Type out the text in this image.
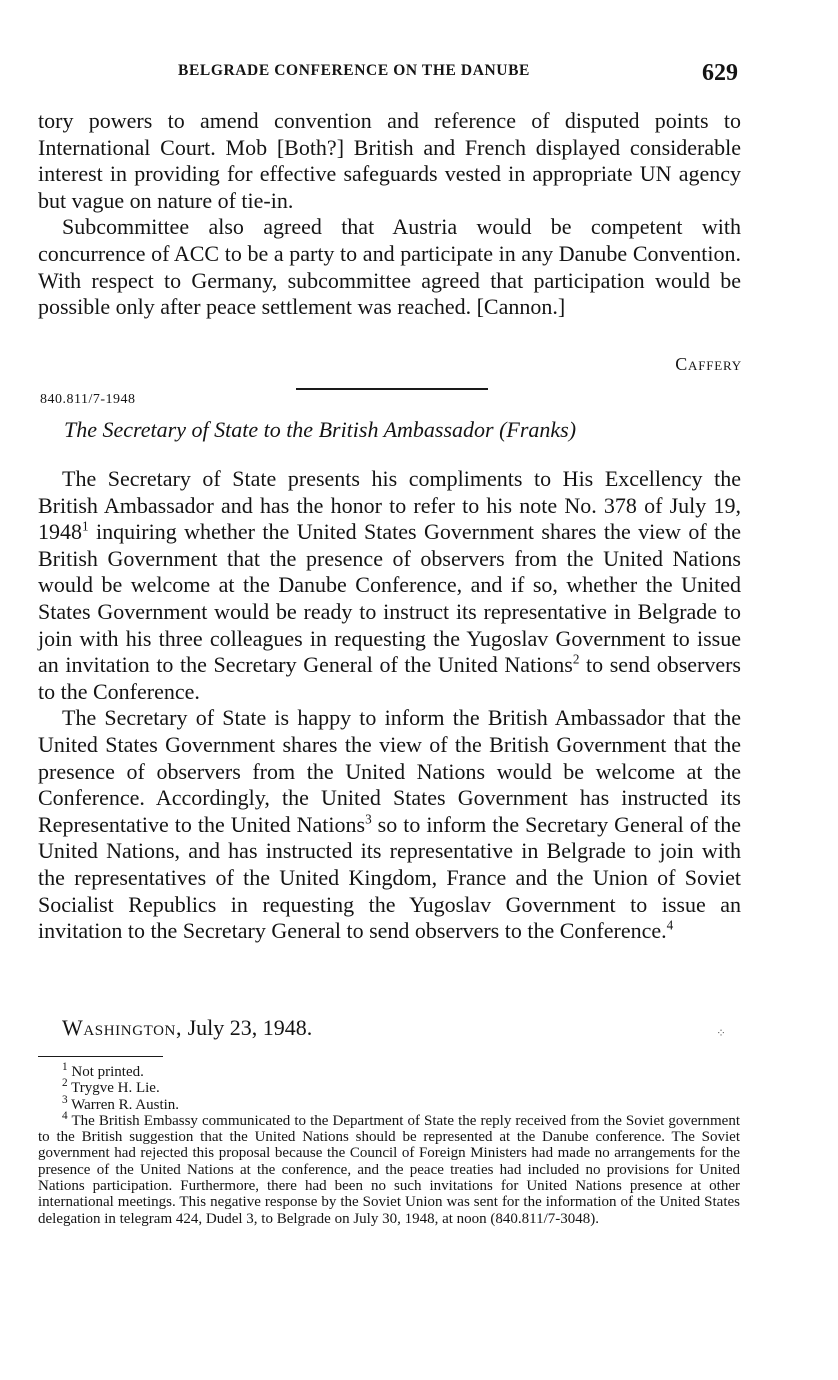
BELGRADE CONFERENCE ON THE DANUBE	629

tory powers to amend convention and reference of disputed points to International Court. Mob [Both?] British and French displayed considerable interest in providing for effective safeguards vested in appropriate UN agency but vague on nature of tie-in.

Subcommittee also agreed that Austria would be competent with concurrence of ACC to be a party to and participate in any Danube Convention. With respect to Germany, subcommittee agreed that participation would be possible only after peace settlement was reached. [Cannon.]

Caffery
840.811/7-1948
The Secretary of State to the British Ambassador (Franks)

The Secretary of State presents his compliments to His Excellency the British Ambassador and has the honor to refer to his note No. 378 of July 19, 1948$^1$ inquiring whether the United States Government shares the view of the British Government that the presence of observers from the United Nations would be welcome at the Danube Conference, and if so, whether the United States Government would be ready to instruct its representative in Belgrade to join with his three colleagues in requesting the Yugoslav Government to issue an invitation to the Secretary General of the United Nations$^2$ to send observers to the Conference.

The Secretary of State is happy to inform the British Ambassador that the United States Government shares the view of the British Government that the presence of observers from the United Nations would be welcome at the Conference. Accordingly, the United States Government has instructed its Representative to the United Nations$^3$ so to inform the Secretary General of the United Nations, and has instructed its representative in Belgrade to join with the representatives of the United Kingdom, France and the Union of Soviet Socialist Republics in requesting the Yugoslav Government to issue an invitation to the Secretary General to send observers to the Conference.$^4$

Washington, July 23, 1948.	⁘

$^1$ Not printed.

$^2$ Trygve H. Lie.

$^3$ Warren R. Austin.

$^4$ The British Embassy communicated to the Department of State the reply received from the Soviet government to the British suggestion that the United Nations should be represented at the Danube conference. The Soviet government had rejected this proposal because the Council of Foreign Ministers had made no arrangements for the presence of the United Nations at the conference, and the peace treaties had included no provisions for United Nations participation. Furthermore, there had been no such invitations for United Nations presence at other international meetings. This negative response by the Soviet Union was sent for the information of the United States delegation in telegram 424, Dudel 3, to Belgrade on July 30, 1948, at noon (840.811/7-3048).
